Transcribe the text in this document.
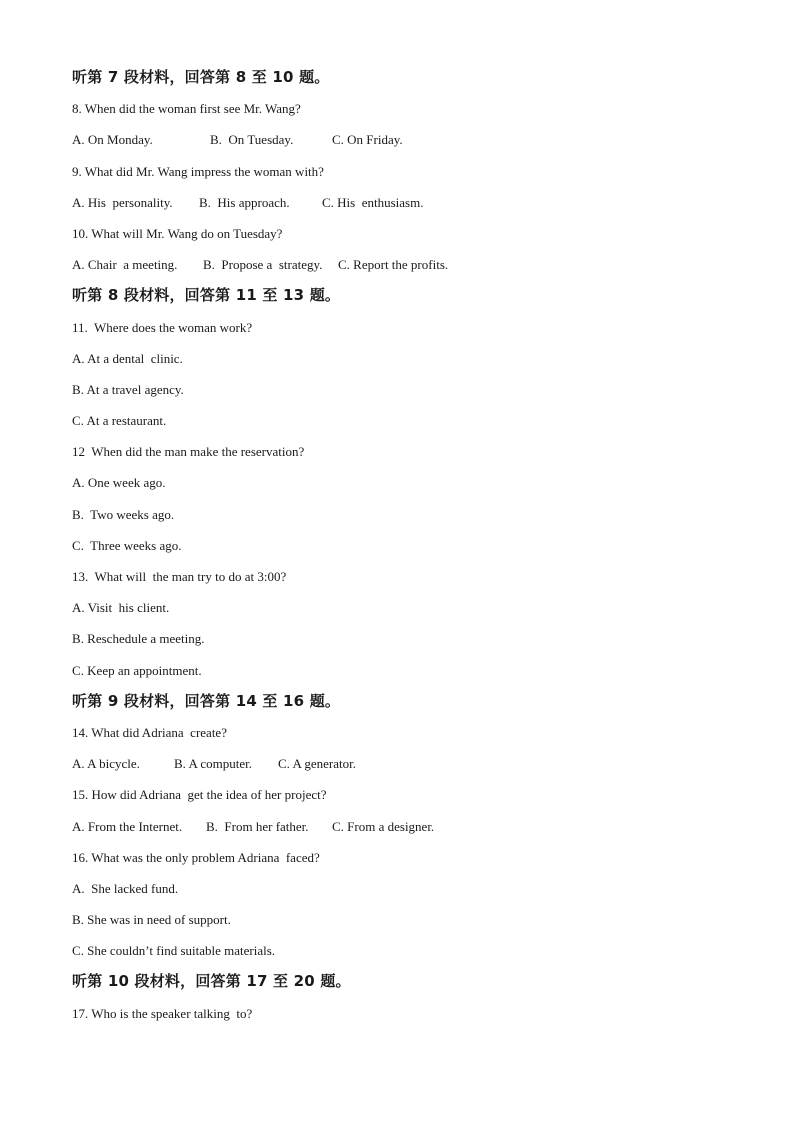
听第 7 段材料，回答第 8 至 10 题。
8. When did the woman first see Mr. Wang?
A. On Monday.	B.  On Tuesday.	C. On Friday.
9. What did Mr. Wang impress the woman with?
A. His  personality.	B.  His approach.	C. His  enthusiasm.
10. What will Mr. Wang do on Tuesday?
A. Chair  a meeting.	B.  Propose a  strategy.	C. Report the profits.
听第 8 段材料，回答第 11 至 13 题。
11.  Where does the woman work?
A. At a dental  clinic.
B. At a travel agency.
C. At a restaurant.
12  When did the man make the reservation?
A. One week ago.
B.  Two weeks ago.
C.  Three weeks ago.
13.  What will  the man try to do at 3:00?
A. Visit  his client.
B. Reschedule a meeting.
C. Keep an appointment.
听第 9 段材料，回答第 14 至 16 题。
14. What did Adriana  create?
A. A bicycle.	B. A computer.	C. A generator.
15. How did Adriana  get the idea of her project?
A. From the Internet.	B.  From her father.	C. From a designer.
16. What was the only problem Adriana  faced?
A.  She lacked fund.
B. She was in need of support.
C. She couldn’t find suitable materials.
听第 10 段材料，回答第 17 至 20 题。
17. Who is the speaker talking  to?
